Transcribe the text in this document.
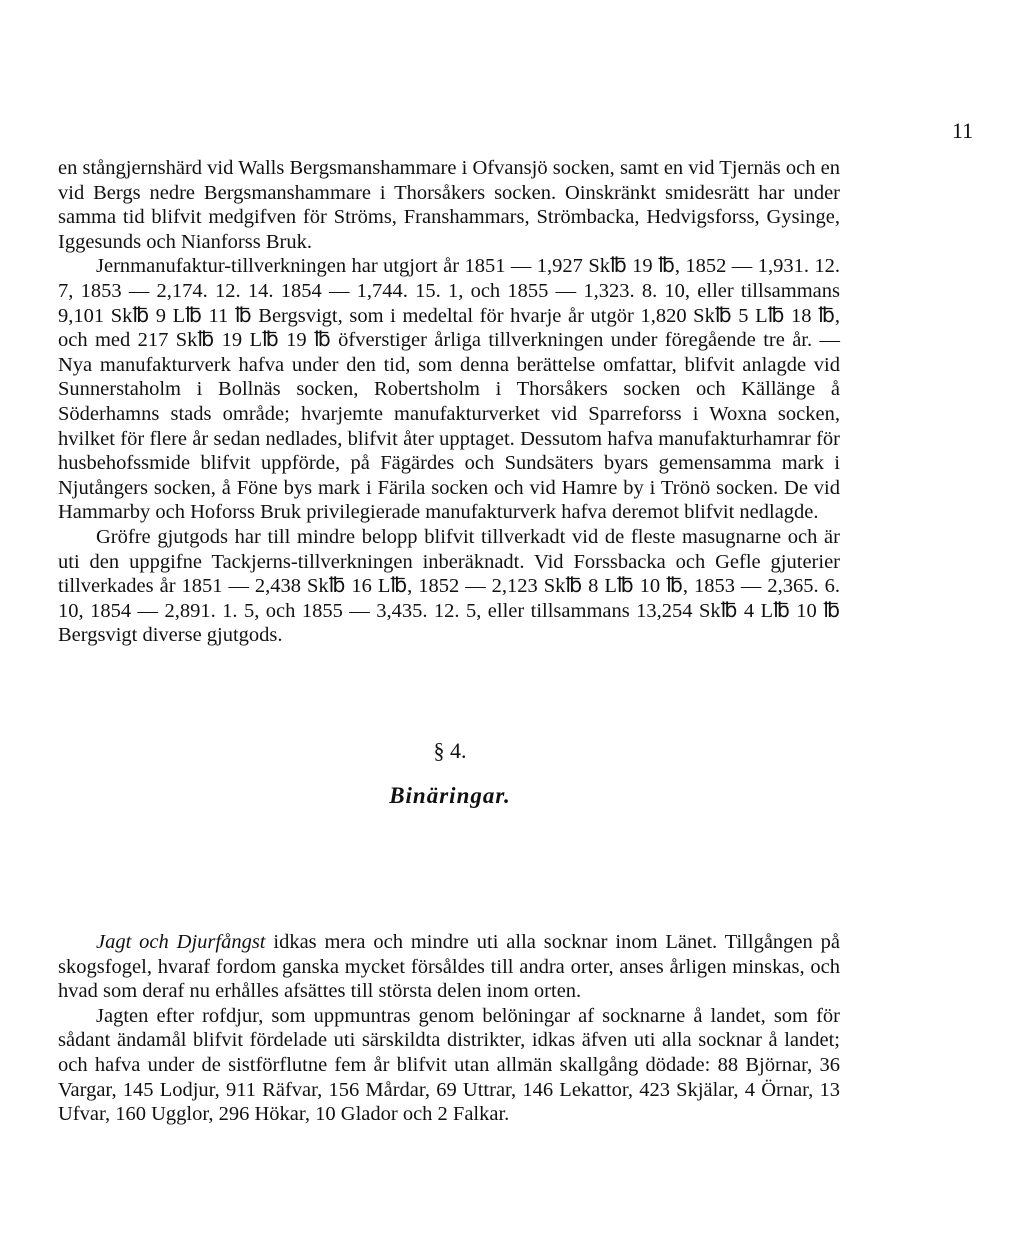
11

en stångjernshärd vid Walls Bergsmanshammare i Ofvansjö socken, samt en vid Tjernäs och en vid Bergs nedre Bergsmanshammare i Thorsåkers socken. Oinskränkt smidesrätt har under samma tid blifvit medgifven för Ströms, Franshammars, Strömbacka, Hedvigsforss, Gysinge, Iggesunds och Nianforss Bruk.

Jernmanufaktur-tillverkningen har utgjort år 1851 — 1,927 Sk℔ 19 ℔, 1852 — 1,931. 12. 7, 1853 — 2,174. 12. 14. 1854 — 1,744. 15. 1, och 1855 — 1,323. 8. 10, eller tillsammans 9,101 Sk℔ 9 L℔ 11 ℔ Bergsvigt, som i medeltal för hvarje år utgör 1,820 Sk℔ 5 L℔ 18 ℔, och med 217 Sk℔ 19 L℔ 19 ℔ öfverstiger årliga tillverkningen under föregående tre år. — Nya manufakturverk hafva under den tid, som denna berättelse omfattar, blifvit anlagde vid Sunnerstaholm i Bollnäs socken, Robertsholm i Thorsåkers socken och Källänge å Söderhamns stads område; hvarjemte manufakturverket vid Sparreforss i Woxna socken, hvilket för flere år sedan nedlades, blifvit åter upptaget. Dessutom hafva manufakturhamrar för husbehofssmide blifvit uppförde, på Fägärdes och Sundsäters byars gemensamma mark i Njutångers socken, å Föne bys mark i Färila socken och vid Hamre by i Trönö socken. De vid Hammarby och Hoforss Bruk privilegierade manufakturverk hafva deremot blifvit nedlagde.

Gröfre gjutgods har till mindre belopp blifvit tillverkadt vid de fleste masugnarne och är uti den uppgifne Tackjerns-tillverkningen inberäknadt. Vid Forssbacka och Gefle gjuterier tillverkades år 1851 — 2,438 Sk℔ 16 L℔, 1852 — 2,123 Sk℔ 8 L℔ 10 ℔, 1853 — 2,365. 6. 10, 1854 — 2,891. 1. 5, och 1855 — 3,435. 12. 5, eller tillsammans 13,254 Sk℔ 4 L℔ 10 ℔ Bergsvigt diverse gjutgods.

§ 4.
Binäringar.

Jagt och Djurfångst idkas mera och mindre uti alla socknar inom Länet. Tillgången på skogsfogel, hvaraf fordom ganska mycket försåldes till andra orter, anses årligen minskas, och hvad som deraf nu erhålles afsättes till största delen inom orten.

Jagten efter rofdjur, som uppmuntras genom belöningar af socknarne å landet, som för sådant ändamål blifvit fördelade uti särskildta distrikter, idkas äfven uti alla socknar å landet; och hafva under de sistförflutne fem år blifvit utan allmän skallgång dödade: 88 Björnar, 36 Vargar, 145 Lodjur, 911 Räfvar, 156 Mårdar, 69 Uttrar, 146 Lekattor, 423 Skjälar, 4 Örnar, 13 Ufvar, 160 Ugglor, 296 Hökar, 10 Glador och 2 Falkar.
